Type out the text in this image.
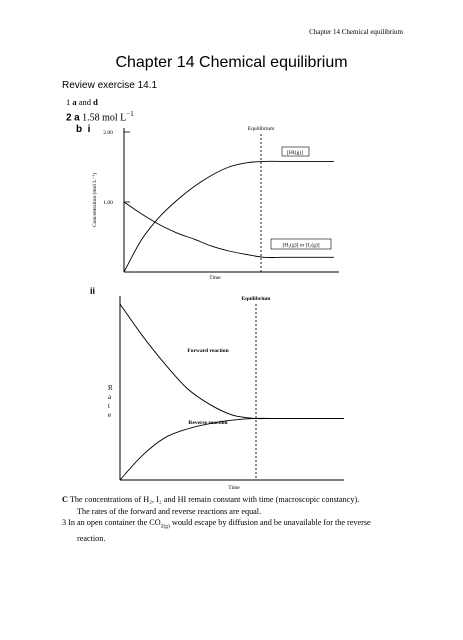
Chapter 14 Chemical equilibrium
Chapter 14 Chemical equilibrium
Review exercise 14.1
1 a and d
2 a 1.58 mol $L^{-1}$
b i 2.00
1.00
Concentration (mol L⁻¹)
Time
Equilibrium
[HI(g)]
[H₂(g)] or [I₂(g)]
ii
R a t e
Time
Equilibrium
Forward reaction
Reverse reaction
C The concentrations of H₂, I₂ and HI remain constant with time (macroscopic constancy).
The rates of the forward and reverse reactions are equal.
3 In an open container the $CO_{2(g)}$ would escape by diffusion and be unavailable for the reverse
reaction.
